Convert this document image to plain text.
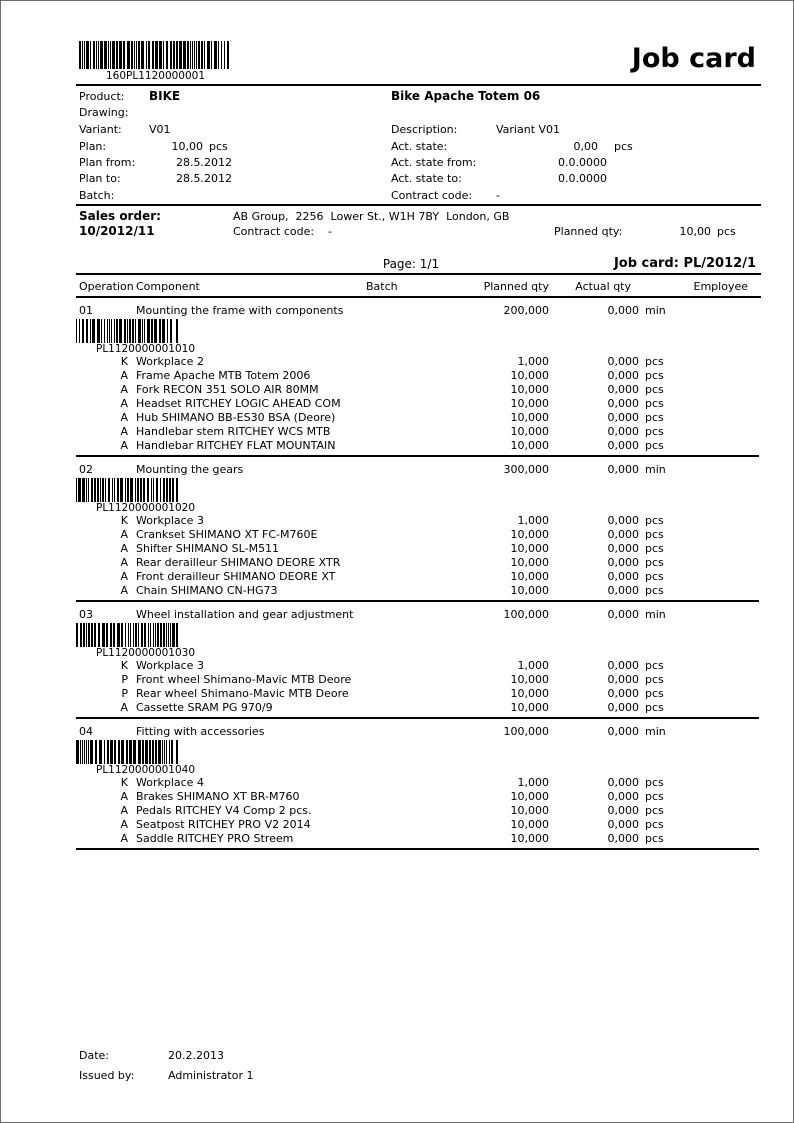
160PL1120000001
Job card
Product: BIKE	Bike Apache Totem 06
Drawing:
Variant: V01	Description:	Variant V01
Plan:	10,00 pcs	Act. state:	0,00 pcs
Plan from:	28.5.2012	Act. state from:	0.0.0000
Plan to:	28.5.2012	Act. state to:	0.0.0000
Batch:	Contract code: -
Sales order:
10/2012/11
AB Group,  2256  Lower St., W1H 7BY  London, GB
Contract code: -	Planned qty:	10,00 pcs
Page: 1/1	Job card: PL/2012/1
Operation Component	Batch	Planned qty	Actual qty	Employee
01	Mounting the frame with components	200,000	0,000 min
PL1120000001010
K Workplace 2	1,000	0,000 pcs
A Frame Apache MTB Totem 2006	10,000	0,000 pcs
A Fork RECON 351 SOLO AIR 80MM	10,000	0,000 pcs
A Headset RITCHEY LOGIC AHEAD COM	10,000	0,000 pcs
A Hub SHIMANO BB-ES30 BSA (Deore)	10,000	0,000 pcs
A Handlebar stem RITCHEY WCS MTB	10,000	0,000 pcs
A Handlebar RITCHEY FLAT MOUNTAIN	10,000	0,000 pcs
02	Mounting the gears	300,000	0,000 min
PL1120000001020
K Workplace 3	1,000	0,000 pcs
A Crankset SHIMANO XT FC-M760E	10,000	0,000 pcs
A Shifter SHIMANO SL-M511	10,000	0,000 pcs
A Rear derailleur SHIMANO DEORE XTR	10,000	0,000 pcs
A Front derailleur SHIMANO DEORE XT	10,000	0,000 pcs
A Chain SHIMANO CN-HG73	10,000	0,000 pcs
03	Wheel installation and gear adjustment	100,000	0,000 min
PL1120000001030
K Workplace 3	1,000	0,000 pcs
P Front wheel Shimano-Mavic MTB Deore	10,000	0,000 pcs
P Rear wheel Shimano-Mavic MTB Deore	10,000	0,000 pcs
A Cassette SRAM PG 970/9	10,000	0,000 pcs
04	Fitting with accessories	100,000	0,000 min
PL1120000001040
K Workplace 4	1,000	0,000 pcs
A Brakes SHIMANO XT BR-M760	10,000	0,000 pcs
A Pedals RITCHEY V4 Comp 2 pcs.	10,000	0,000 pcs
A Seatpost RITCHEY PRO V2 2014	10,000	0,000 pcs
A Saddle RITCHEY PRO Streem	10,000	0,000 pcs
Date:	20.2.2013
Issued by:	Administrator 1
